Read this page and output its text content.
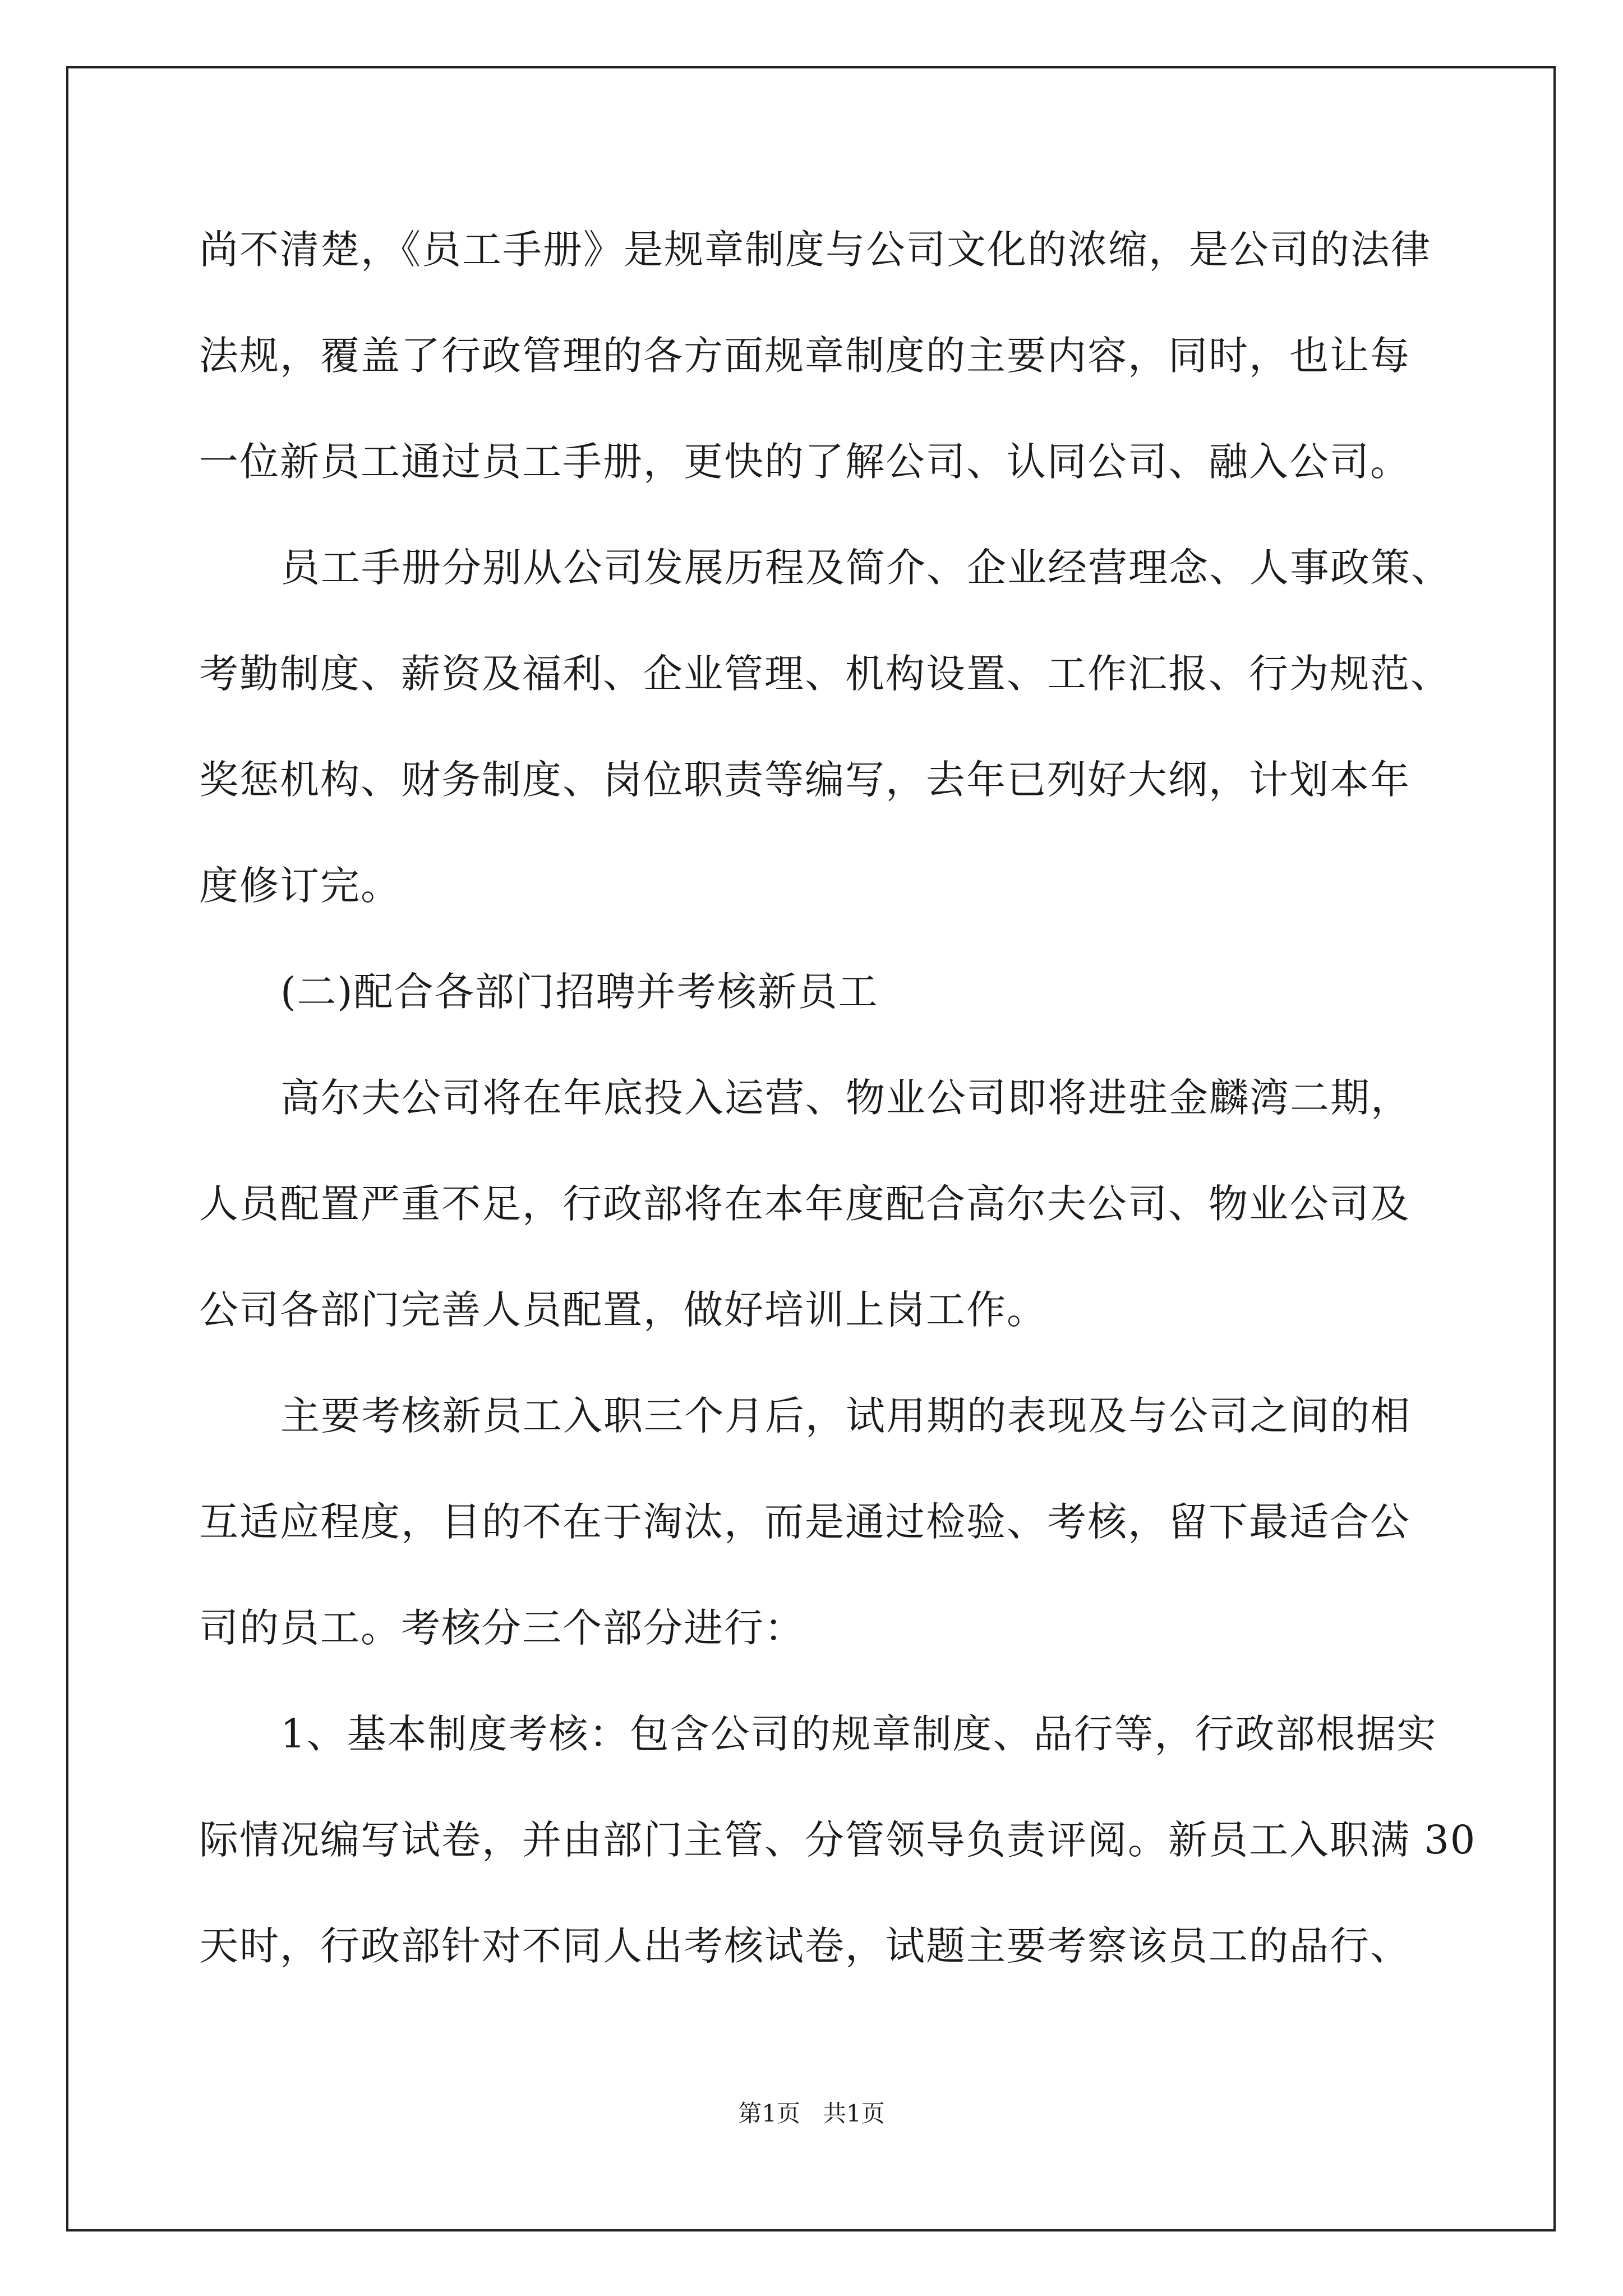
尚不清楚，《员工手册》是规章制度与公司文化的浓缩，是公司的法律
法规，覆盖了行政管理的各方面规章制度的主要内容，同时，也让每
一位新员工通过员工手册，更快的了解公司、认同公司、融入公司。
员工手册分别从公司发展历程及简介、企业经营理念、人事政策、
考勤制度、薪资及福利、企业管理、机构设置、工作汇报、行为规范、
奖惩机构、财务制度、岗位职责等编写，去年已列好大纲，计划本年
度修订完。
(二)配合各部门招聘并考核新员工
高尔夫公司将在年底投入运营、物业公司即将进驻金麟湾二期，
人员配置严重不足，行政部将在本年度配合高尔夫公司、物业公司及
公司各部门完善人员配置，做好培训上岗工作。
主要考核新员工入职三个月后，试用期的表现及与公司之间的相
互适应程度，目的不在于淘汰，而是通过检验、考核，留下最适合公
司的员工。考核分三个部分进行：
1、基本制度考核：包含公司的规章制度、品行等，行政部根据实
际情况编写试卷，并由部门主管、分管领导负责评阅。新员工入职满 30
天时，行政部针对不同人出考核试卷，试题主要考察该员工的品行、
第1页 共1页
